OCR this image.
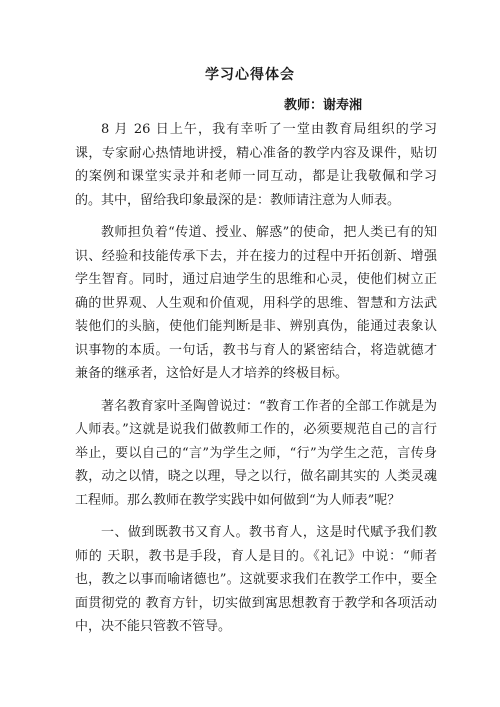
学习心得体会
教师：谢寿湘

8 月 26 日上午，我有幸听了一堂由教育局组织的学习课，专家耐心热情地讲授，精心准备的教学内容及课件，贴切的案例和课堂实录并和老师一同互动，都是让我敬佩和学习的。其中，留给我印象最深的是：教师请注意为人师表。

教师担负着“传道、授业、解惑”的使命，把人类已有的知识、经验和技能传承下去，并在接力的过程中开拓创新、增强学生智育。同时，通过启迪学生的思维和心灵，使他们树立正确的世界观、人生观和价值观，用科学的思维、智慧和方法武装他们的头脑，使他们能判断是非、辨别真伪，能通过表象认识事物的本质。一句话，教书与育人的紧密结合，将造就德才兼备的继承者，这恰好是人才培养的终极目标。

著名教育家叶圣陶曾说过：“教育工作者的全部工作就是为人师表。”这就是说我们做教师工作的，必须要规范自己的言行举止，要以自己的“言”为学生之师，“行”为学生之范，言传身教，动之以情，晓之以理，导之以行，做名副其实的 人类灵魂工程师。那么教师在教学实践中如何做到“为人师表”呢？

一、做到既教书又育人。教书育人，这是时代赋予我们教师的 天职，教书是手段，育人是目的。《礼记》中说：“师者也，教之以事而喻诸德也”。这就要求我们在教学工作中，要全面贯彻党的 教育方针，切实做到寓思想教育于教学和各项活动中，决不能只管教不管导。
